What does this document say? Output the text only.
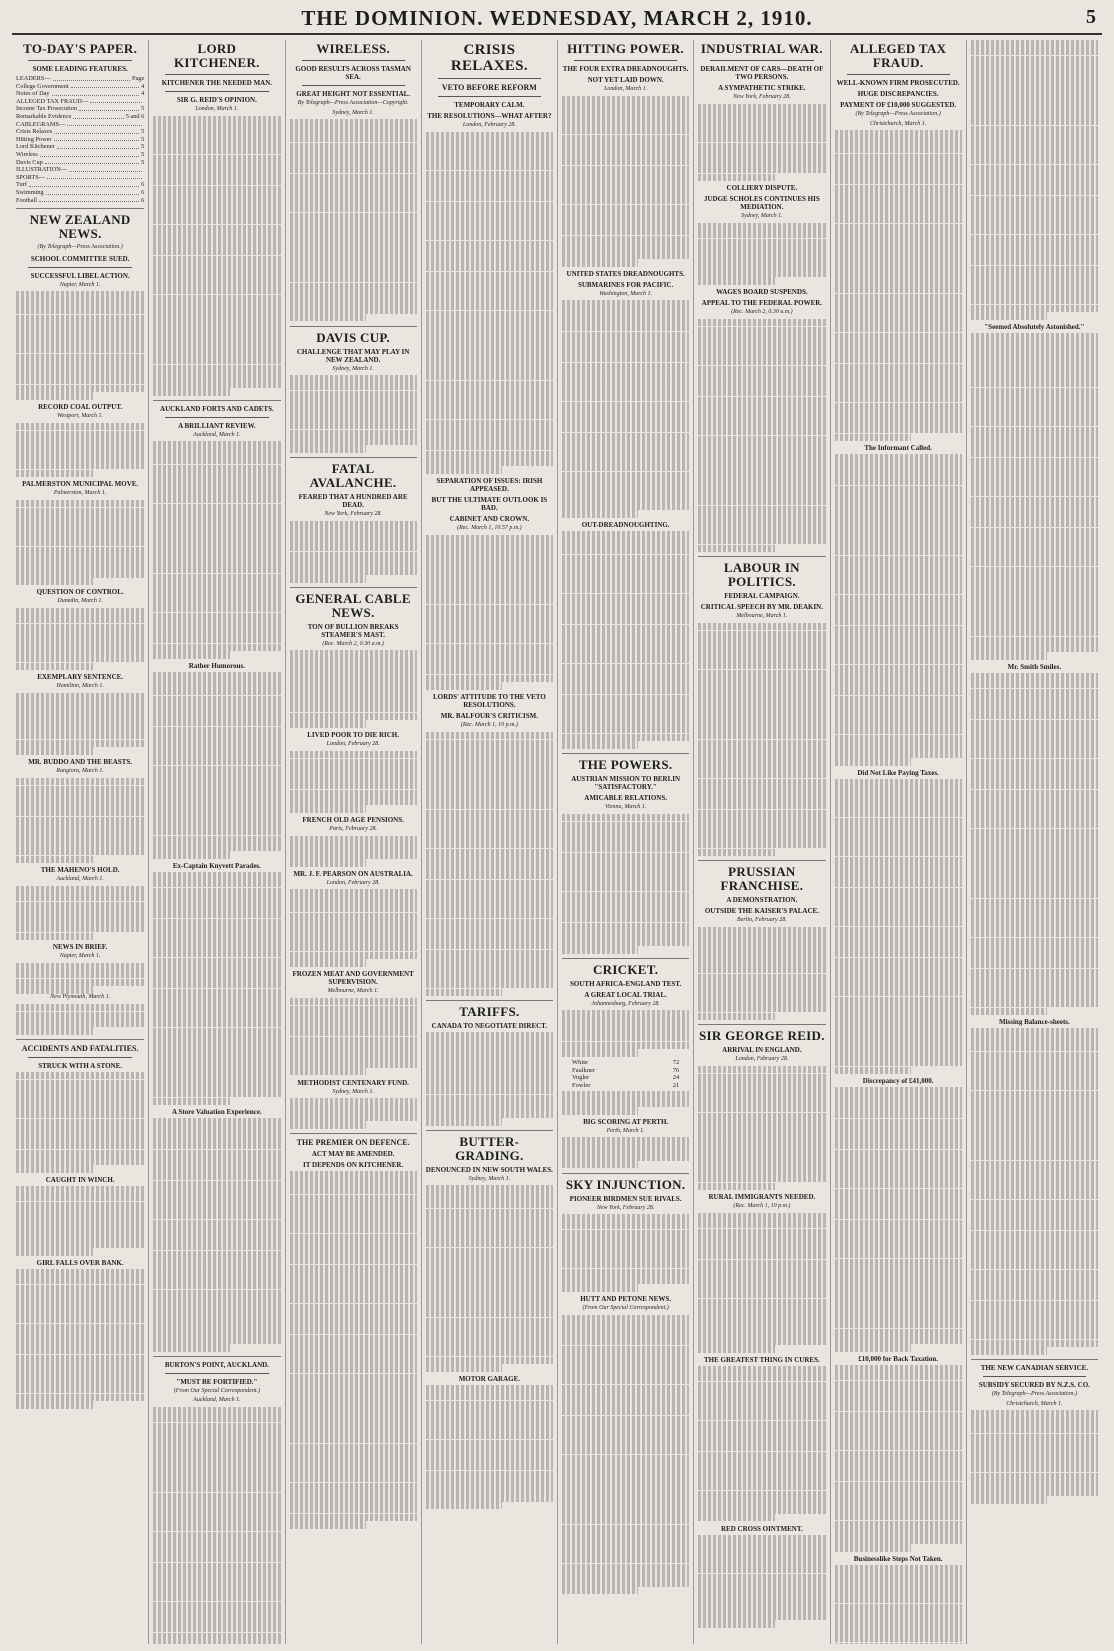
THE DOMINION. WEDNESDAY, MARCH 2, 1910.	5
TO-DAY'S PAPER.
SOME LEADING FEATURES.
LEADERS—	Page
College Government	4
Notes of Day	4
ALLEGED TAX FRAUD—
Income Tax Prosecution	5
Remarkable Evidence	5 and 6
CABLEGRAMS—
Crisis Relaxes	5
Hitting Power	5
Lord Kitchener	5
Wireless	5
Davis Cup	5
ILLUSTRATION—
SPORTS—
Turf	6
Swimming	6
Football	6
NEW ZEALAND NEWS.
(By Telegraph—Press Association.)
SCHOOL COMMITTEE SUED.
SUCCESSFUL LIBEL ACTION.
Napier, March 1.
RECORD COAL OUTPUT.
Westport, March 1.
PALMERSTON MUNICIPAL MOVE.
Palmerston, March 1.
QUESTION OF CONTROL.
Dunedin, March 1.
EXEMPLARY SENTENCE.
Hamilton, March 1.
MR. BUDDO AND THE BEASTS.
Rangiora, March 1.
THE MAHENO'S HOLD.
Auckland, March 1.
NEWS IN BRIEF.
Napier, March 1.
New Plymouth, March 1.
ACCIDENTS AND FATALITIES.
STRUCK WITH A STONE.
CAUGHT IN WINCH.
GIRL FALLS OVER BANK.
LORD KITCHENER.
KITCHENER THE NEEDED MAN.
SIR G. REID'S OPINION.
London, March 1.
AUCKLAND FORTS AND CADETS.
A BRILLIANT REVIEW.
Auckland, March 1.
Rather Humorous.
Ex-Captain Knyvett Parades.
A Store Valuation Experience.
BURTON'S POINT, AUCKLAND.
"MUST BE FORTIFIED."
(From Our Special Correspondent.)
Auckland, March 1.
WIRELESS.
GOOD RESULTS ACROSS TASMAN SEA.
GREAT HEIGHT NOT ESSENTIAL.
By Telegraph—Press Association—Copyright.
Sydney, March 1.
DAVIS CUP.
CHALLENGE THAT MAY PLAY IN NEW ZEALAND.
Sydney, March 1.
FATAL AVALANCHE.
FEARED THAT A HUNDRED ARE DEAD.
New York, February 28.
GENERAL CABLE NEWS.
TON OF BULLION BREAKS STEAMER'S MAST.
(Rec. March 2, 0.30 a.m.)
LIVED POOR TO DIE RICH.
London, February 28.
FRENCH OLD AGE PENSIONS.
Paris, February 28.
MR. J. F. PEARSON ON AUSTRALIA.
London, February 28.
FROZEN MEAT AND GOVERNMENT SUPERVISION.
Melbourne, March 1.
METHODIST CENTENARY FUND.
Sydney, March 1.
THE PREMIER ON DEFENCE.
ACT MAY BE AMENDED.
IT DEPENDS ON KITCHENER.
CRISIS RELAXES.
VETO BEFORE REFORM
TEMPORARY CALM.
THE RESOLUTIONS—WHAT AFTER?
London, February 28.
SEPARATION OF ISSUES: IRISH APPEASED.
BUT THE ULTIMATE OUTLOOK IS BAD.
CABINET AND CROWN.
(Rec. March 1, 10.57 p.m.)
LORDS' ATTITUDE TO THE VETO RESOLUTIONS.
MR. BALFOUR'S CRITICISM.
(Rec. March 1, 10 p.m.)
TARIFFS.
CANADA TO NEGOTIATE DIRECT.
BUTTER-GRADING.
DENOUNCED IN NEW SOUTH WALES.
Sydney, March 1.
MOTOR GARAGE.
HITTING POWER.
THE FOUR EXTRA DREADNOUGHTS.
NOT YET LAID DOWN.
London, March 1.
UNITED STATES DREADNOUGHTS.
SUBMARINES FOR PACIFIC.
Washington, March 1.
OUT-DREADNOUGHTING.
THE POWERS.
AUSTRIAN MISSION TO BERLIN "SATISFACTORY."
AMICABLE RELATIONS.
Vienna, March 1.
CRICKET.
SOUTH AFRICA-ENGLAND TEST.
A GREAT LOCAL TRIAL.
Johannesburg, February 28.
White	72
Faulkner	76
Vogler	24
Fowler	21
BIG SCORING AT PERTH.
Perth, March 1.
SKY INJUNCTION.
PIONEER BIRDMEN SUE RIVALS.
New York, February 28.
HUTT AND PETONE NEWS.
(From Our Special Correspondent.)
INDUSTRIAL WAR.
DERAILMENT OF CARS—DEATH OF TWO PERSONS.
A SYMPATHETIC STRIKE.
New York, February 28.
COLLIERY DISPUTE.
JUDGE SCHOLES CONTINUES HIS MEDIATION.
Sydney, March 1.
WAGES BOARD SUSPENDS.
APPEAL TO THE FEDERAL POWER.
(Rec. March 2, 0.30 a.m.)
LABOUR IN POLITICS.
FEDERAL CAMPAIGN.
CRITICAL SPEECH BY MR. DEAKIN.
Melbourne, March 1.
PRUSSIAN FRANCHISE.
A DEMONSTRATION.
OUTSIDE THE KAISER'S PALACE.
Berlin, February 28.
SIR GEORGE REID.
ARRIVAL IN ENGLAND.
London, February 28.
RURAL IMMIGRANTS NEEDED.
(Rec. March 1, 10 p.m.)
THE GREATEST THING IN CURES.
RED CROSS OINTMENT.
ALLEGED TAX FRAUD.
WELL-KNOWN FIRM PROSECUTED.
HUGE DISCREPANCIES.
PAYMENT OF £10,000 SUGGESTED.
(By Telegraph—Press Association.)
Christchurch, March 1.
The Informant Called.
Did Not Like Paying Taxes.
Discrepancy of £41,000.
£10,000 for Back Taxation.
Businesslike Steps Not Taken.
"Seemed Absolutely Astonished."
Mr. Smith Smiles.
Missing Balance-sheets.
THE NEW CANADIAN SERVICE.
SUBSIDY SECURED BY N.Z.S. CO.
(By Telegraph—Press Association.)
Christchurch, March 1.
